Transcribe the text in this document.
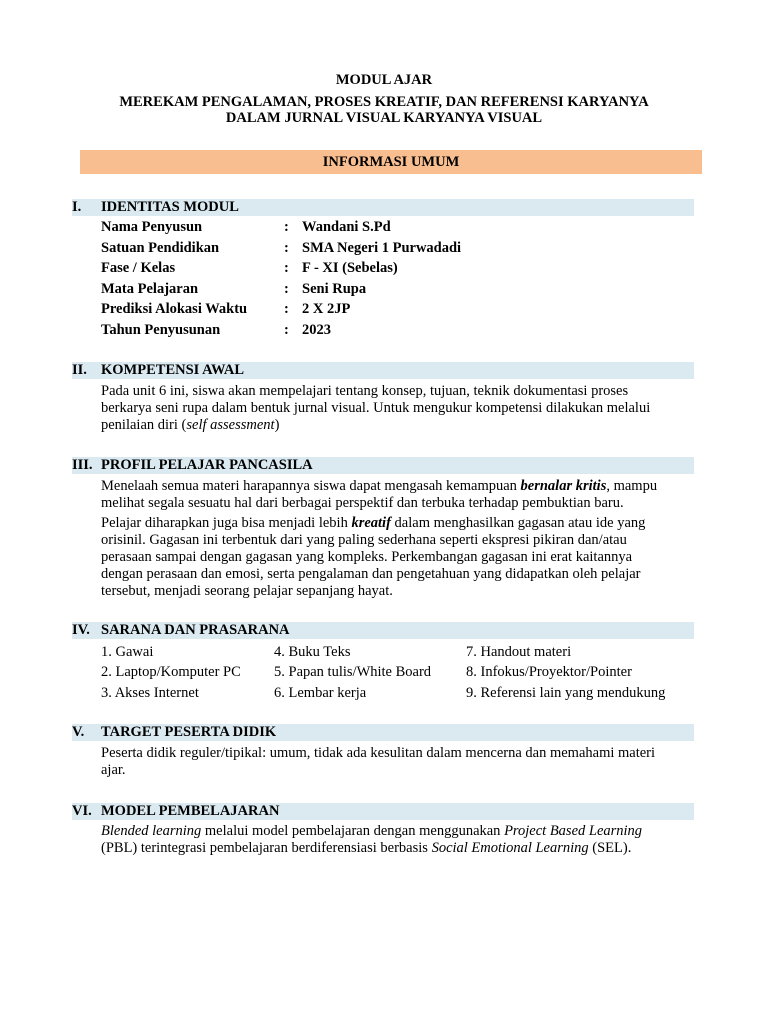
MODUL AJAR
MEREKAM PENGALAMAN, PROSES KREATIF, DAN REFERENSI KARYANYA
DALAM JURNAL VISUAL KARYANYA VISUAL
INFORMASI UMUM
I. IDENTITAS MODUL
Nama Penyusun	: Wandani S.Pd
Satuan Pendidikan	: SMA Negeri 1 Purwadadi
Fase / Kelas	: F - XI (Sebelas)
Mata Pelajaran	: Seni Rupa
Prediksi Alokasi Waktu	: 2 X 2JP
Tahun Penyusunan	: 2023
II. KOMPETENSI AWAL
Pada unit 6 ini, siswa akan mempelajari tentang konsep, tujuan, teknik dokumentasi proses
berkarya seni rupa dalam bentuk jurnal visual. Untuk mengukur kompetensi dilakukan melalui
penilaian diri (self assessment)
III. PROFIL PELAJAR PANCASILA
Menelaah semua materi harapannya siswa dapat mengasah kemampuan bernalar kritis, mampu
melihat segala sesuatu hal dari berbagai perspektif dan terbuka terhadap pembuktian baru.
Pelajar diharapkan juga bisa menjadi lebih kreatif dalam menghasilkan gagasan atau ide yang
orisinil. Gagasan ini terbentuk dari yang paling sederhana seperti ekspresi pikiran dan/atau
perasaan sampai dengan gagasan yang kompleks. Perkembangan gagasan ini erat kaitannya
dengan perasaan dan emosi, serta pengalaman dan pengetahuan yang didapatkan oleh pelajar
tersebut, menjadi seorang pelajar sepanjang hayat.
IV. SARANA DAN PRASARANA
1. Gawai
2. Laptop/Komputer PC
3. Akses Internet
4. Buku Teks
5. Papan tulis/White Board
6. Lembar kerja
7. Handout materi
8. Infokus/Proyektor/Pointer
9. Referensi lain yang mendukung
V. TARGET PESERTA DIDIK
Peserta didik reguler/tipikal: umum, tidak ada kesulitan dalam mencerna dan memahami materi
ajar.
VI. MODEL PEMBELAJARAN
Blended learning melalui model pembelajaran dengan menggunakan Project Based Learning
(PBL) terintegrasi pembelajaran berdiferensiasi berbasis Social Emotional Learning (SEL).
